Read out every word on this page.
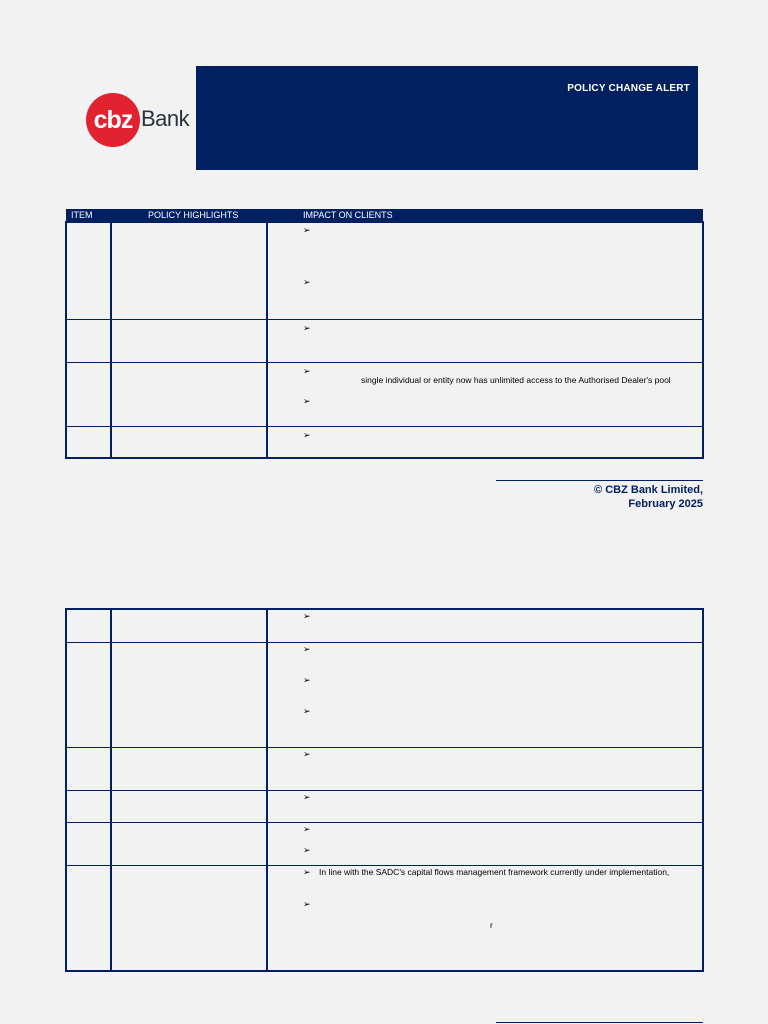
cbz Bank
POLICY CHANGE ALERT
ITEM	POLICY HIGHLIGHTS	IMPACT ON CLIENTS
➢
➢
➢
➢
single individual or entity now has unlimited access to the Authorised Dealer's pool
➢
➢
© CBZ Bank Limited,
February 2025
➢
➢
➢
➢
➢
➢
➢
➢
➢ In line with the SADC's capital flows management framework currently under implementation,
➢
r
